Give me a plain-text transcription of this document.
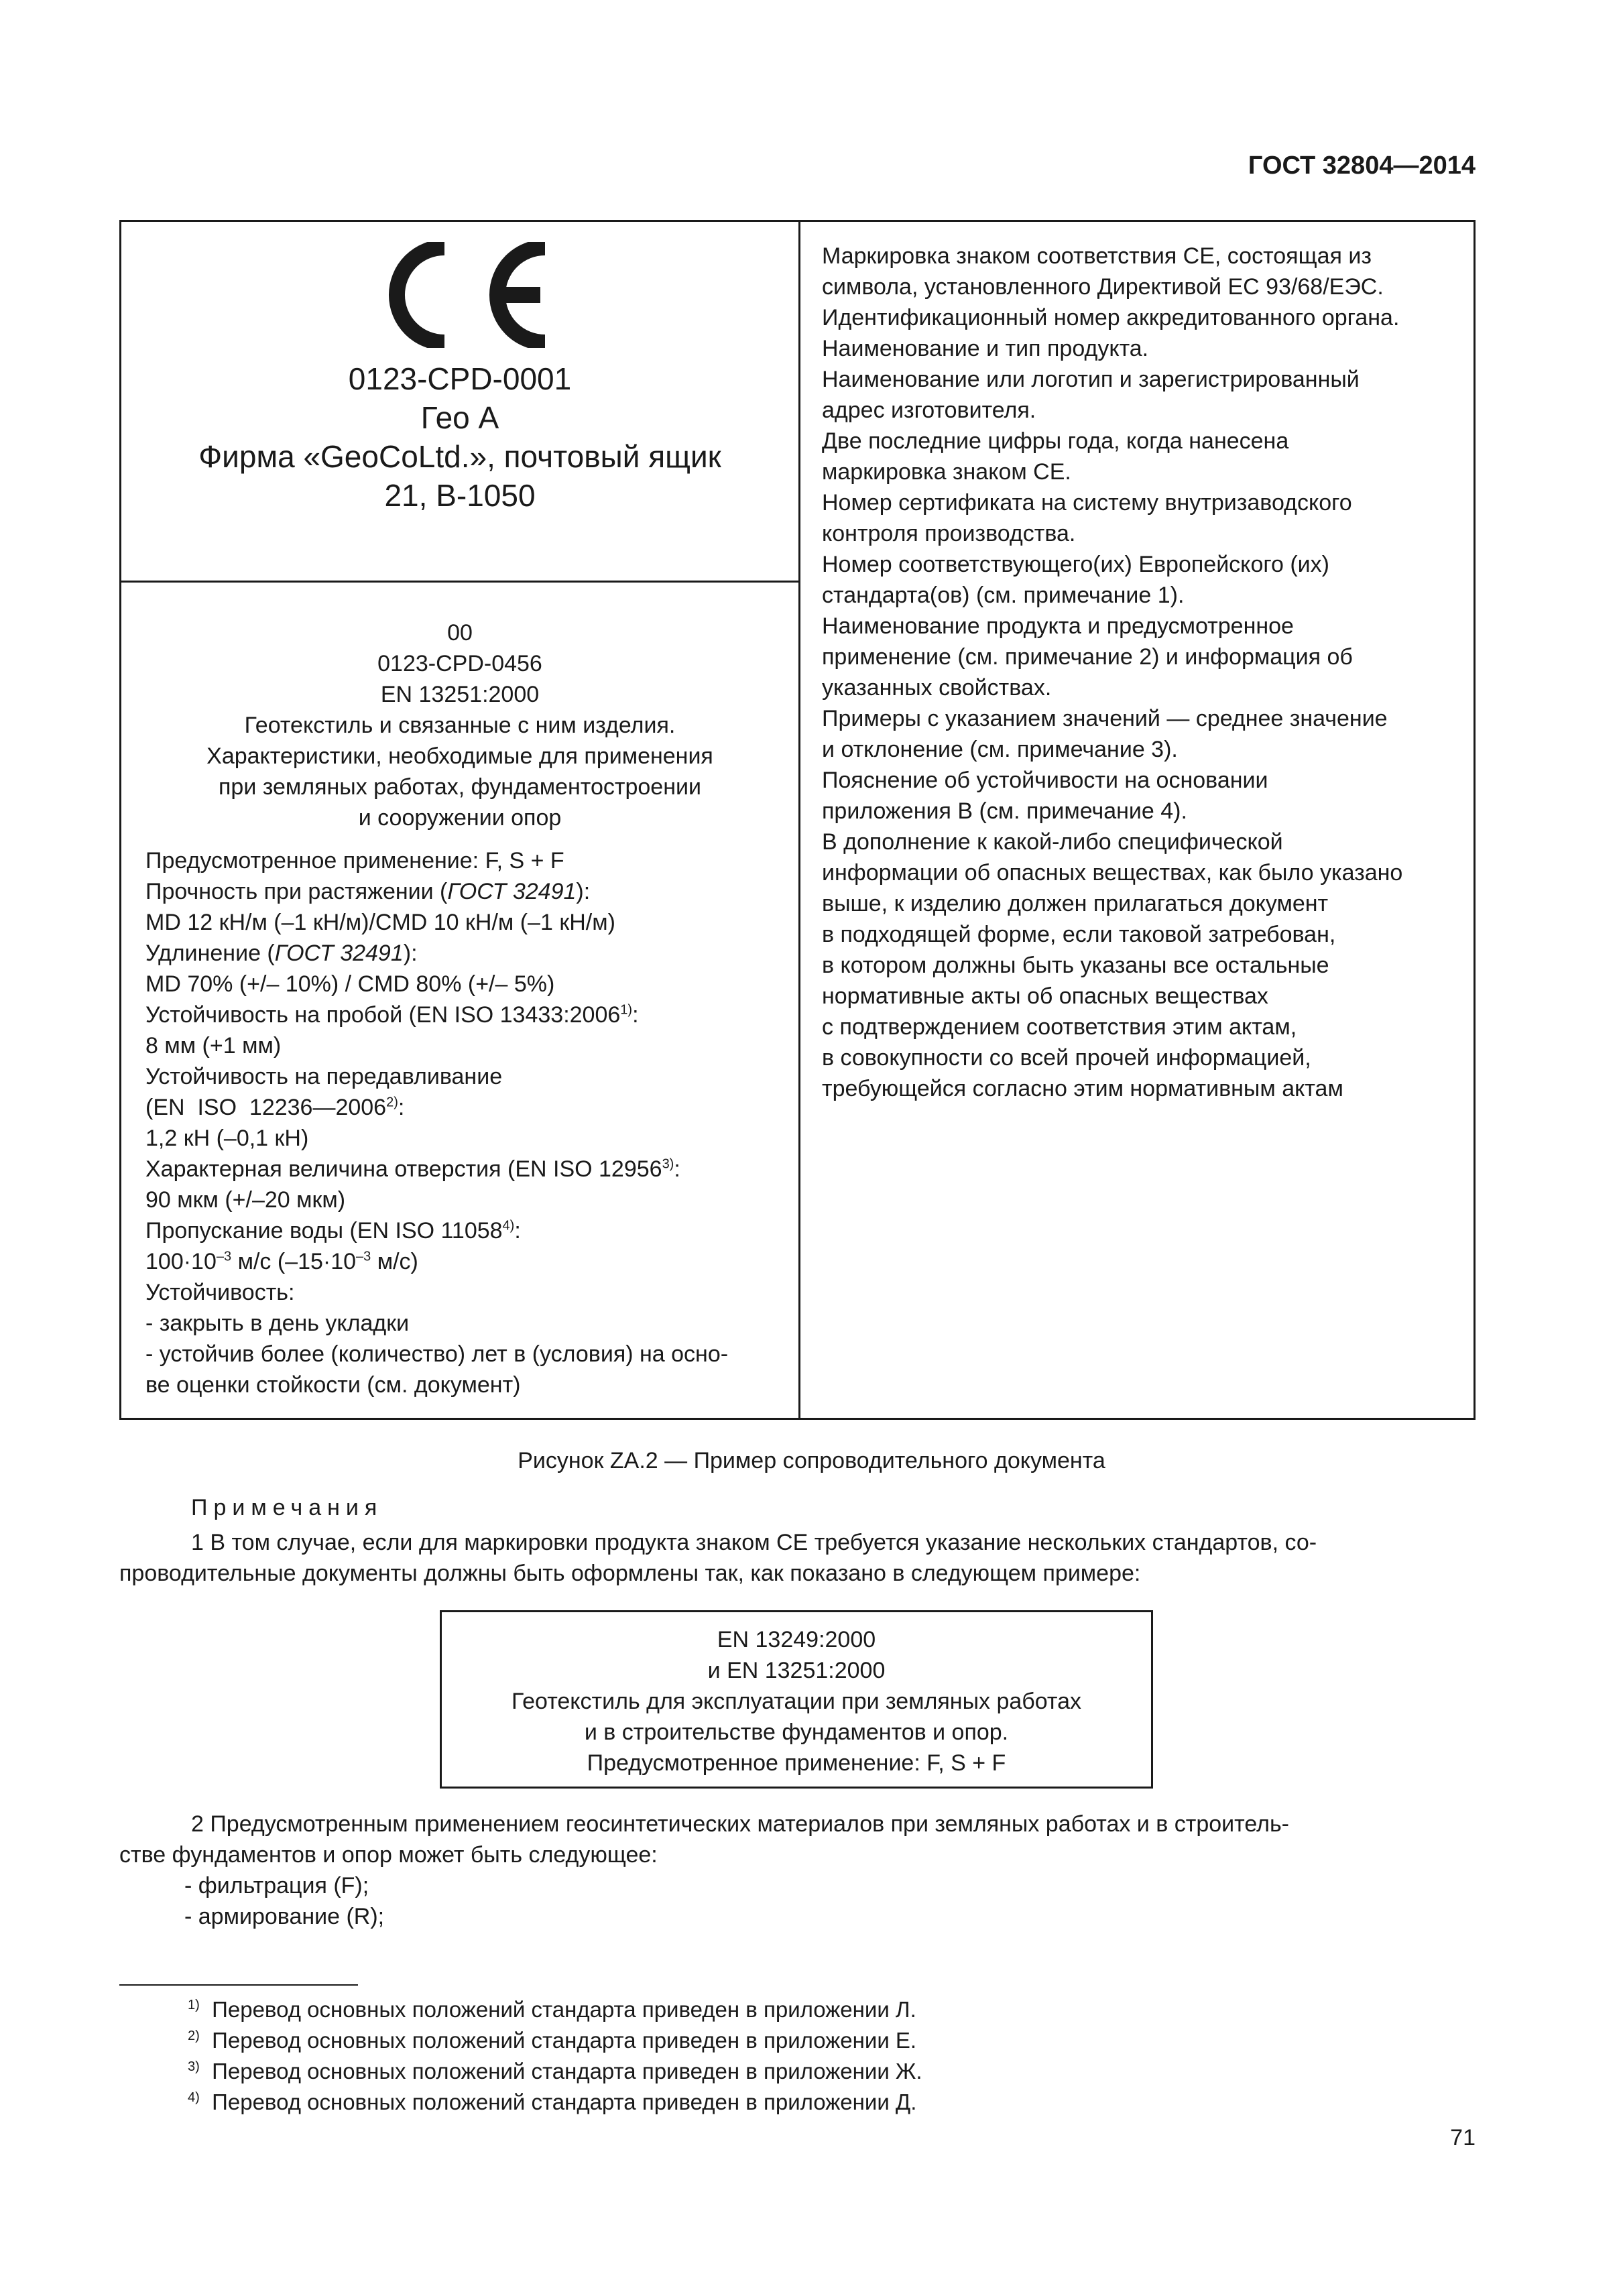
ГОСТ 32804—2014
0123-CPD-0001
Гео А
Фирма «GeoCoLtd.», почтовый ящик
21, B-1050
00
0123-CPD-0456
EN 13251:2000
Геотекстиль и связанные с ним изделия.
Характеристики, необходимые для применения
при земляных работах, фундаментостроении
и сооружении опор
Предусмотренное применение: F, S + F
Прочность при растяжении (ГОСТ 32491):
MD 12 кН/м (–1 кН/м)/CMD 10 кН/м (–1 кН/м)
Удлинение (ГОСТ 32491):
MD 70% (+/– 10%) / CMD 80% (+/– 5%)
Устойчивость на пробой (EN ISO 13433:2006$^{1)}$:
8 мм (+1 мм)
Устойчивость на передавливание
(EN  ISO  12236—2006$^{2)}$:
1,2 кН (–0,1 кН)
Характерная величина отверстия (EN ISO 12956$^{3)}$:
90 мкм (+/–20 мкм)
Пропускание воды (EN ISO 11058$^{4)}$:
$100\cdot 10^{-3}$ м/с ($-15\cdot 10^{-3}$ м/с)
Устойчивость:
- закрыть в день укладки
- устойчив более (количество) лет в (условия) на осно-
ве оценки стойкости (см. документ)
Маркировка знаком соответствия CE, состоящая из
символа, установленного Директивой ЕС 93/68/ЕЭС.
Идентификационный номер аккредитованного органа.
Наименование и тип продукта.
Наименование или логотип и зарегистрированный
адрес изготовителя.
Две последние цифры года, когда нанесена
маркировка знаком CE.
Номер сертификата на систему внутризаводского
контроля производства.
Номер соответствующего(их) Европейского (их)
стандарта(ов) (см. примечание 1).
Наименование продукта и предусмотренное
применение (см. примечание 2) и информация об
указанных свойствах.
Примеры с указанием значений — среднее значение
и отклонение (см. примечание 3).
Пояснение об устойчивости на основании
приложения В (см. примечание 4).
В дополнение к какой-либо специфической
информации об опасных веществах, как было указано
выше, к изделию должен прилагаться документ
в подходящей форме, если таковой затребован,
в котором должны быть указаны все остальные
нормативные акты об опасных веществах
с подтверждением соответствия этим актам,
в совокупности со всей прочей информацией,
требующейся согласно этим нормативным актам
Рисунок ZA.2 — Пример сопроводительного документа
Примечания
1 В том случае, если для маркировки продукта знаком CE требуется указание нескольких стандартов, со-
проводительные документы должны быть оформлены так, как показано в следующем примере:
EN 13249:2000
и EN 13251:2000
Геотекстиль для эксплуатации при земляных работах
и в строительстве фундаментов и опор.
Предусмотренное применение: F, S + F
2 Предусмотренным применением геосинтетических материалов при земляных работах и в строитель-
стве фундаментов и опор может быть следующее:
- фильтрация (F);
- армирование (R);
$^{1)}$ Перевод основных положений стандарта приведен в приложении Л.
$^{2)}$ Перевод основных положений стандарта приведен в приложении Е.
$^{3)}$ Перевод основных положений стандарта приведен в приложении Ж.
$^{4)}$ Перевод основных положений стандарта приведен в приложении Д.
71
